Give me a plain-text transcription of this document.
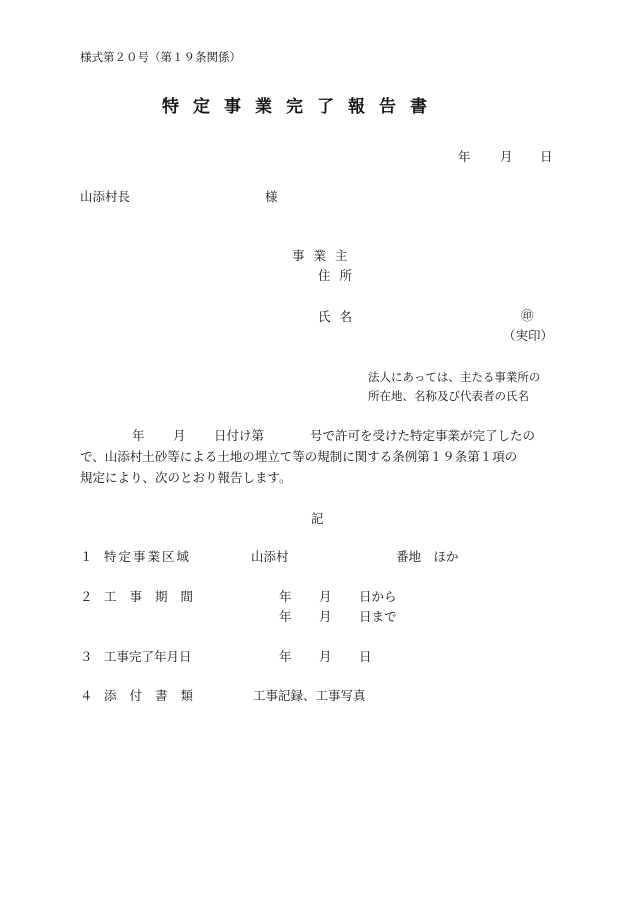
様式第２０号（第１９条関係）
特定事業完了報告書
年 月 日
山添村長	様
事業主
住所
氏名	㊞
（実印）
法人にあっては、主たる事業所の
所在地、名称及び代表者の氏名
年 月 日付け第	号で許可を受けた特定事業が完了したの
で、山添村土砂等による土地の埋立て等の規制に関する条例第１９条第１項の
規定により、次のとおり報告します。
記
１ 特定事業区域	山添村	番地　ほか
２ 工事期間	年 月 日から
年 月 日まで
３ 工事完了年月日	年 月 日
４ 添付書類	工事記録、工事写真
